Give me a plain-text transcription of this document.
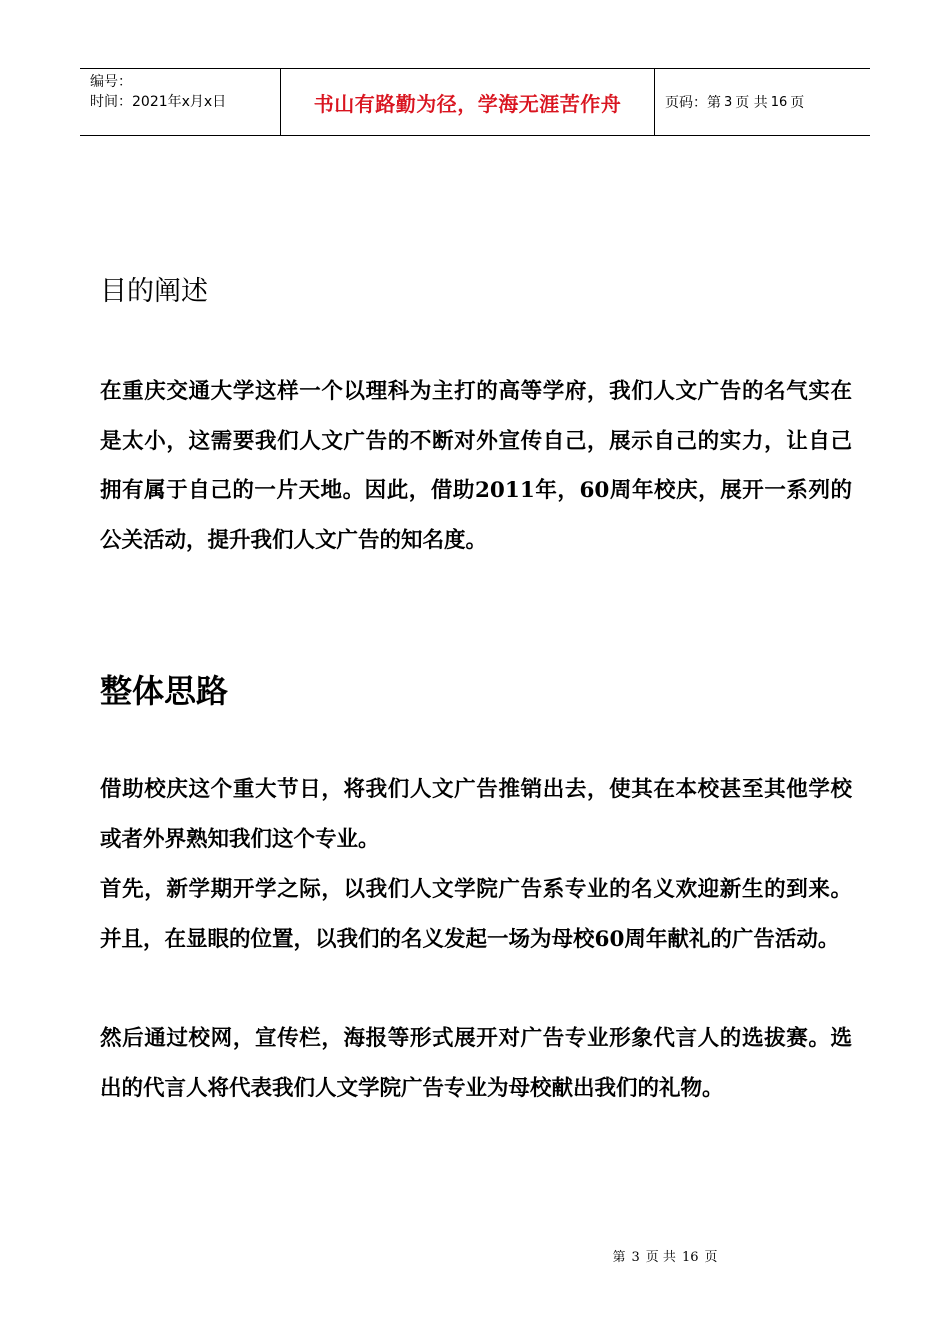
编号：
时间：2021年x月x日	书山有路勤为径，学海无涯苦作舟	页码：第 3 页 共 16 页
目的阐述

在重庆交通大学这样一个以理科为主打的高等学府，我们人文广告的名气实在是太小，这需要我们人文广告的不断对外宣传自己，展示自己的实力，让自己拥有属于自己的一片天地。因此，借助2011年，60周年校庆，展开一系列的公关活动，提升我们人文广告的知名度。

整体思路

借助校庆这个重大节日，将我们人文广告推销出去，使其在本校甚至其他学校或者外界熟知我们这个专业。

首先，新学期开学之际，以我们人文学院广告系专业的名义欢迎新生的到来。并且，在显眼的位置，以我们的名义发起一场为母校60周年献礼的广告活动。

然后通过校网，宣传栏，海报等形式展开对广告专业形象代言人的选拔赛。选出的代言人将代表我们人文学院广告专业为母校献出我们的礼物。

第 3 页 共 16 页
